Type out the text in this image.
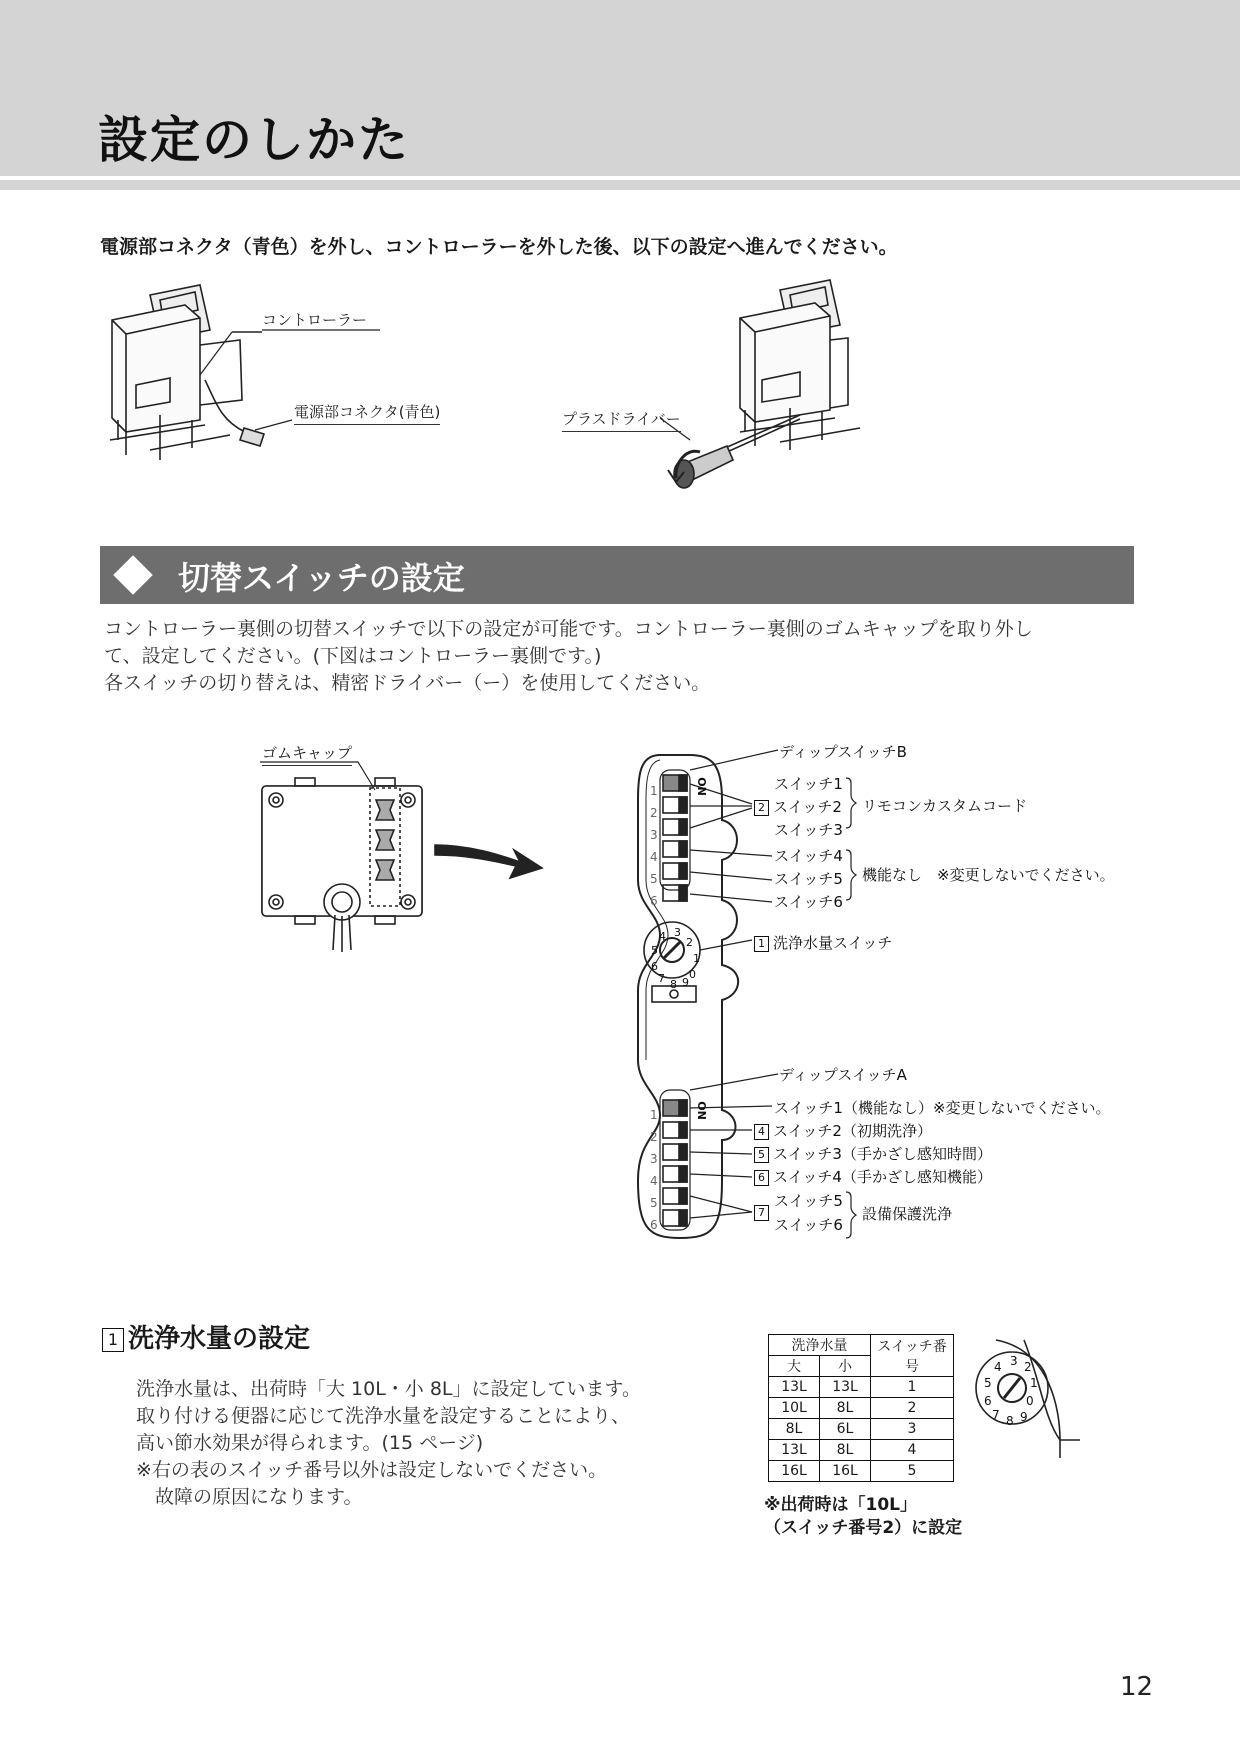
設定のしかた
電源部コネクタ（青色）を外し、コントローラーを外した後、以下の設定へ進んでください。
コントローラー
電源部コネクタ(青色)	プラスドライバー
切替スイッチの設定
コントローラー裏側の切替スイッチで以下の設定が可能です。コントローラー裏側のゴムキャップを取り外し
て、設定してください。(下図はコントローラー裏側です。)
各スイッチの切り替えは、精密ドライバー（ー）を使用してください。
ゴムキャップ
ON
ON
ディップスイッチB
スイッチ1
2 スイッチ2
スイッチ3
リモコンカスタムコード
スイッチ4
スイッチ5
スイッチ6
機能なし　※変更しないでください。
1 洗浄水量スイッチ
ディップスイッチA
スイッチ1（機能なし）※変更しないでください。
4 スイッチ2（初期洗浄）
5 スイッチ3（手かざし感知時間）
6 スイッチ4（手かざし感知機能）
スイッチ5
7
スイッチ6
設備保護洗浄
1
2
3
4
5
6
1
2
3
4
5
6
0
1
2
3
4
5
6
7 8 9
1 洗浄水量の設定
洗浄水量は、出荷時「大 10L・小 8L」に設定しています。
取り付ける便器に応じて洗浄水量を設定することにより、
高い節水効果が得られます。(15 ページ)
※右の表のスイッチ番号以外は設定しないでください。
　故障の原因になります。
洗浄水量		スイッチ番号
大	小	
13L	13L	1
10L	8L	2
8L	6L	3
13L	8L	4
16L	16L	5
※出荷時は「10L」
（スイッチ番号2）に設定
0
1
2
3
4
5
6
7 8 9
12
